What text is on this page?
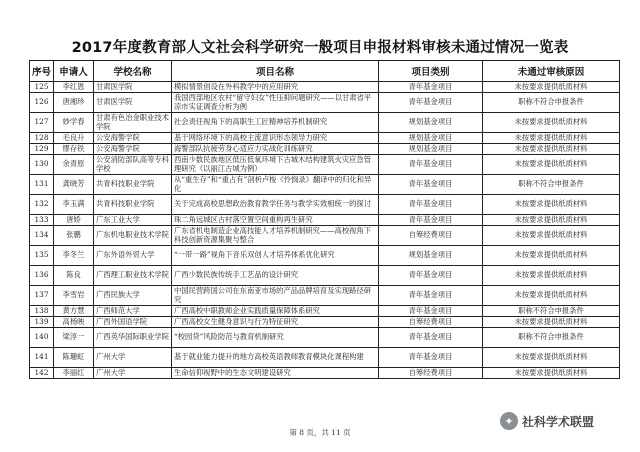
2017年度教育部人文社会科学研究一般项目申报材料审核未通过情况一览表
序号	申请人	学校名称	项目名称	项目类别	未通过审核原因
125	李红恩	甘肃医学院	模拟情景创设在外科教学中的应用研究	青年基金项目	未按要求提供纸质材料
126	唐湘珍	甘肃医学院	我国西部地区农村“留守妇女”性压抑问题研究——以甘肃省平凉市实证调查分析为例	青年基金项目	职称不符合申报条件
127	妙学春	甘肃有色冶金职业技术学院	社会责任视角下的高职生工匠精神培养机制研究	规划基金项目	未按要求提供纸质材料
128	毛良升	公安海警学院	基于网络环境下的高校主流意识形态领导力研究	规划基金项目	未按要求提供纸质材料
129	缪存铁	公安海警学院	海警部队抗疲劳身心适应力实战化训练研究	规划基金项目	未按要求提供纸质材料
130	余青原	公安消防部队高等专科学校	西南少数民族地区低压低氧环境下古城木结构建筑火灾应急管理研究（以丽江古城为例）	青年基金项目	未按要求提供纸质材料
131	龚晓芳	共青科技职业学院	从“重生存”和“重占有”剖析卢梭《怜悯录》翻译中的归化和异化	青年基金项目	职称不符合申报条件
132	李玉满	共青科技职业学院	关于完成高校思想政治教育教学任务与教学实效相统一的探讨	青年基金项目	未按要求提供纸质材料
133	唐娇	广东工业大学	珠二角远城区古村落空置空间重构再生研究	青年基金项目	未按要求提供纸质材料
134	张鹏	广东机电职业技术学院	广东省机电制造企业高技能人才培养机制研究——高校视角下科技创新资源集聚与整合	自筹经费项目	未按要求提供纸质材料
135	李冬兰	广东外语外贸大学	“一带一路”视角下音乐双创人才培养体系优化研究	规划基金项目	未按要求提供纸质材料
136	陈良	广西理工职业技术学院	广西少数民族传统手工艺品的设计研究	青年基金项目	未按要求提供纸质材料
137	李雪岩	广西民族大学	中国民营跨国公司在东南亚市场的产品品牌培育及实现路径研究	青年基金项目	未按要求提供纸质材料
138	黄方慧	广西师范大学	广西高校中职教师企业实践质量保障体系研究	青年基金项目	职称不符合申报条件
139	高杨映	广西外国语学院	广西高校女生健身意识与行为特征研究	自筹经费项目	未按要求提供纸质材料
140	梁淳一	广西英华国际职业学院	“校园贷”风险防范与教育机制研究	青年基金项目	职称不符合申报条件
141	陈珊虹	广州大学	基于就业能力提升的地方高校英语教师教育模块化课程构建	青年基金项目	未按要求提供纸质材料
142	李丽红	广州大学	生命信仰视野中的生态文明建设研究	自筹经费项目	未按要求提供纸质材料
第 8 页，共 11 页
✦ 社科学术联盟
